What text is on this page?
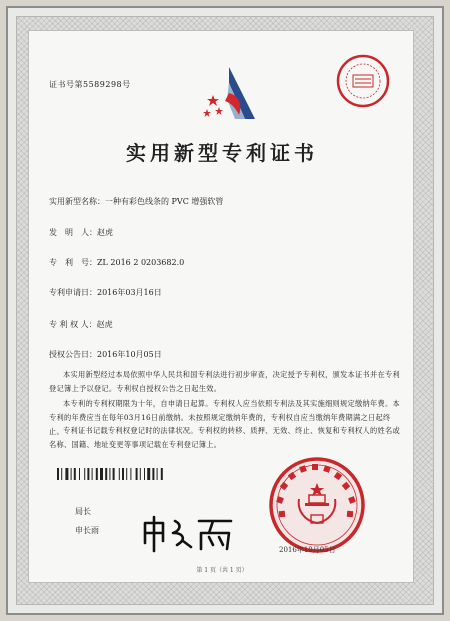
证书号第5589298号
实用新型专利证书
实用新型名称：一种有彩色线条的 PVC 增强软管
发　明　人：赵虎
专　利　号：ZL 2016 2 0203682.0
专利申请日：2016年03月16日
专 利 权 人：赵虎
授权公告日：2016年10月05日

本实用新型经过本局依照中华人民共和国专利法进行初步审查，决定授予专利权，颁发本证书并在专利登记簿上予以登记。专利权自授权公告之日起生效。

本专利的专利权期限为十年，自申请日起算。专利权人应当依照专利法及其实施细则规定缴纳年费。本专利的年费应当在每年03月16日前缴纳。未按照规定缴纳年费的，专利权自应当缴纳年费期满之日起终止。 专利证书记载专利权登记时的法律状况。专利权的转移、质押、无效、终止、恢复和专利权人的姓名或名称、国籍、地址变更等事项记载在专利登记簿上。

局长
申长雨
2016年10月05日
第 1 页（共 1 页）
